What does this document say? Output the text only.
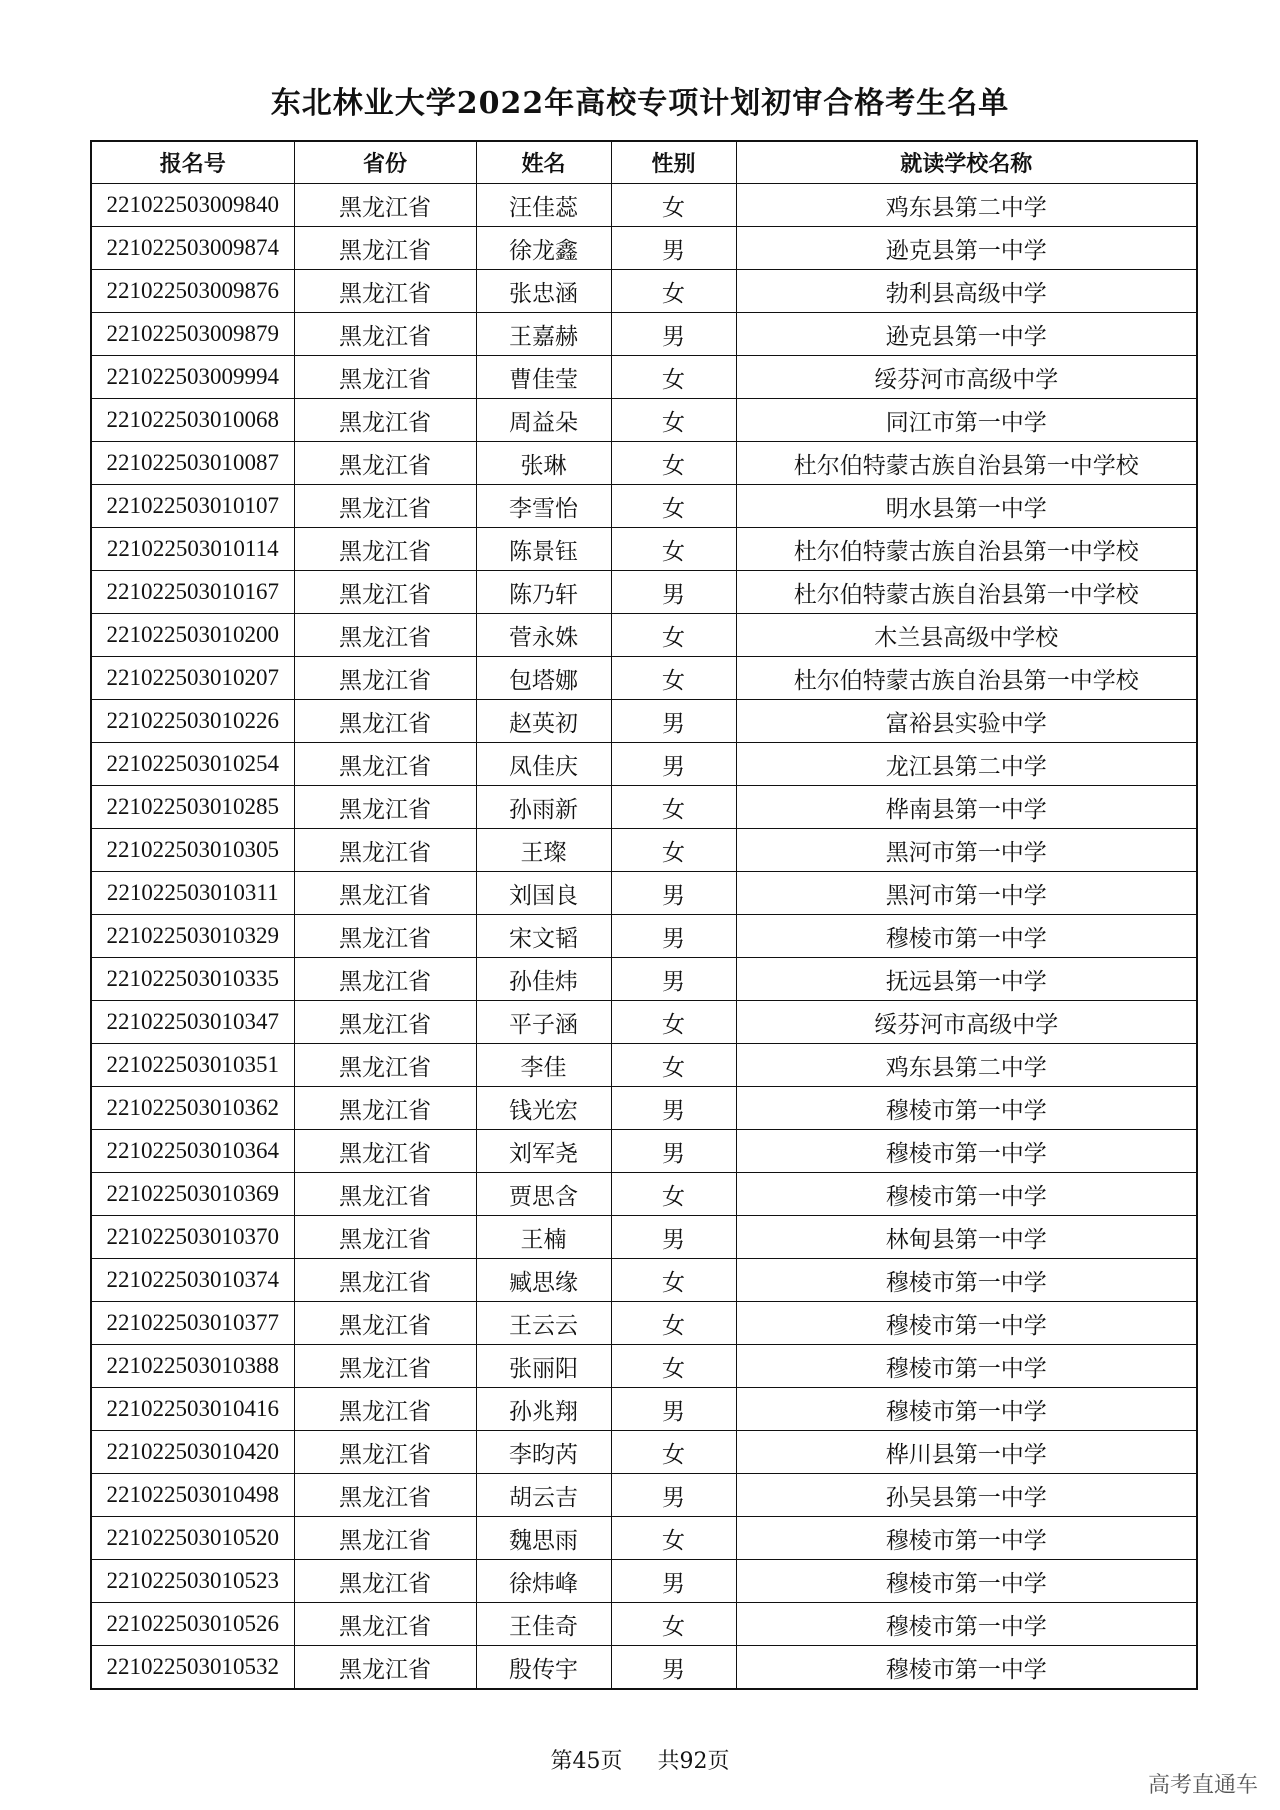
东北林业大学2022年高校专项计划初审合格考生名单
报名号	省份	姓名	性别	就读学校名称
221022503009840	黑龙江省	汪佳蕊	女	鸡东县第二中学
221022503009874	黑龙江省	徐龙鑫	男	逊克县第一中学
221022503009876	黑龙江省	张忠涵	女	勃利县高级中学
221022503009879	黑龙江省	王嘉赫	男	逊克县第一中学
221022503009994	黑龙江省	曹佳莹	女	绥芬河市高级中学
221022503010068	黑龙江省	周益朵	女	同江市第一中学
221022503010087	黑龙江省	张琳	女	杜尔伯特蒙古族自治县第一中学校
221022503010107	黑龙江省	李雪怡	女	明水县第一中学
221022503010114	黑龙江省	陈景钰	女	杜尔伯特蒙古族自治县第一中学校
221022503010167	黑龙江省	陈乃轩	男	杜尔伯特蒙古族自治县第一中学校
221022503010200	黑龙江省	菅永姝	女	木兰县高级中学校
221022503010207	黑龙江省	包塔娜	女	杜尔伯特蒙古族自治县第一中学校
221022503010226	黑龙江省	赵英初	男	富裕县实验中学
221022503010254	黑龙江省	凤佳庆	男	龙江县第二中学
221022503010285	黑龙江省	孙雨新	女	桦南县第一中学
221022503010305	黑龙江省	王璨	女	黑河市第一中学
221022503010311	黑龙江省	刘国良	男	黑河市第一中学
221022503010329	黑龙江省	宋文韬	男	穆棱市第一中学
221022503010335	黑龙江省	孙佳炜	男	抚远县第一中学
221022503010347	黑龙江省	平子涵	女	绥芬河市高级中学
221022503010351	黑龙江省	李佳	女	鸡东县第二中学
221022503010362	黑龙江省	钱光宏	男	穆棱市第一中学
221022503010364	黑龙江省	刘军尧	男	穆棱市第一中学
221022503010369	黑龙江省	贾思含	女	穆棱市第一中学
221022503010370	黑龙江省	王楠	男	林甸县第一中学
221022503010374	黑龙江省	臧思缘	女	穆棱市第一中学
221022503010377	黑龙江省	王云云	女	穆棱市第一中学
221022503010388	黑龙江省	张丽阳	女	穆棱市第一中学
221022503010416	黑龙江省	孙兆翔	男	穆棱市第一中学
221022503010420	黑龙江省	李昀芮	女	桦川县第一中学
221022503010498	黑龙江省	胡云吉	男	孙吴县第一中学
221022503010520	黑龙江省	魏思雨	女	穆棱市第一中学
221022503010523	黑龙江省	徐炜峰	男	穆棱市第一中学
221022503010526	黑龙江省	王佳奇	女	穆棱市第一中学
221022503010532	黑龙江省	殷传宇	男	穆棱市第一中学
第45页 共92页
高考直通车
